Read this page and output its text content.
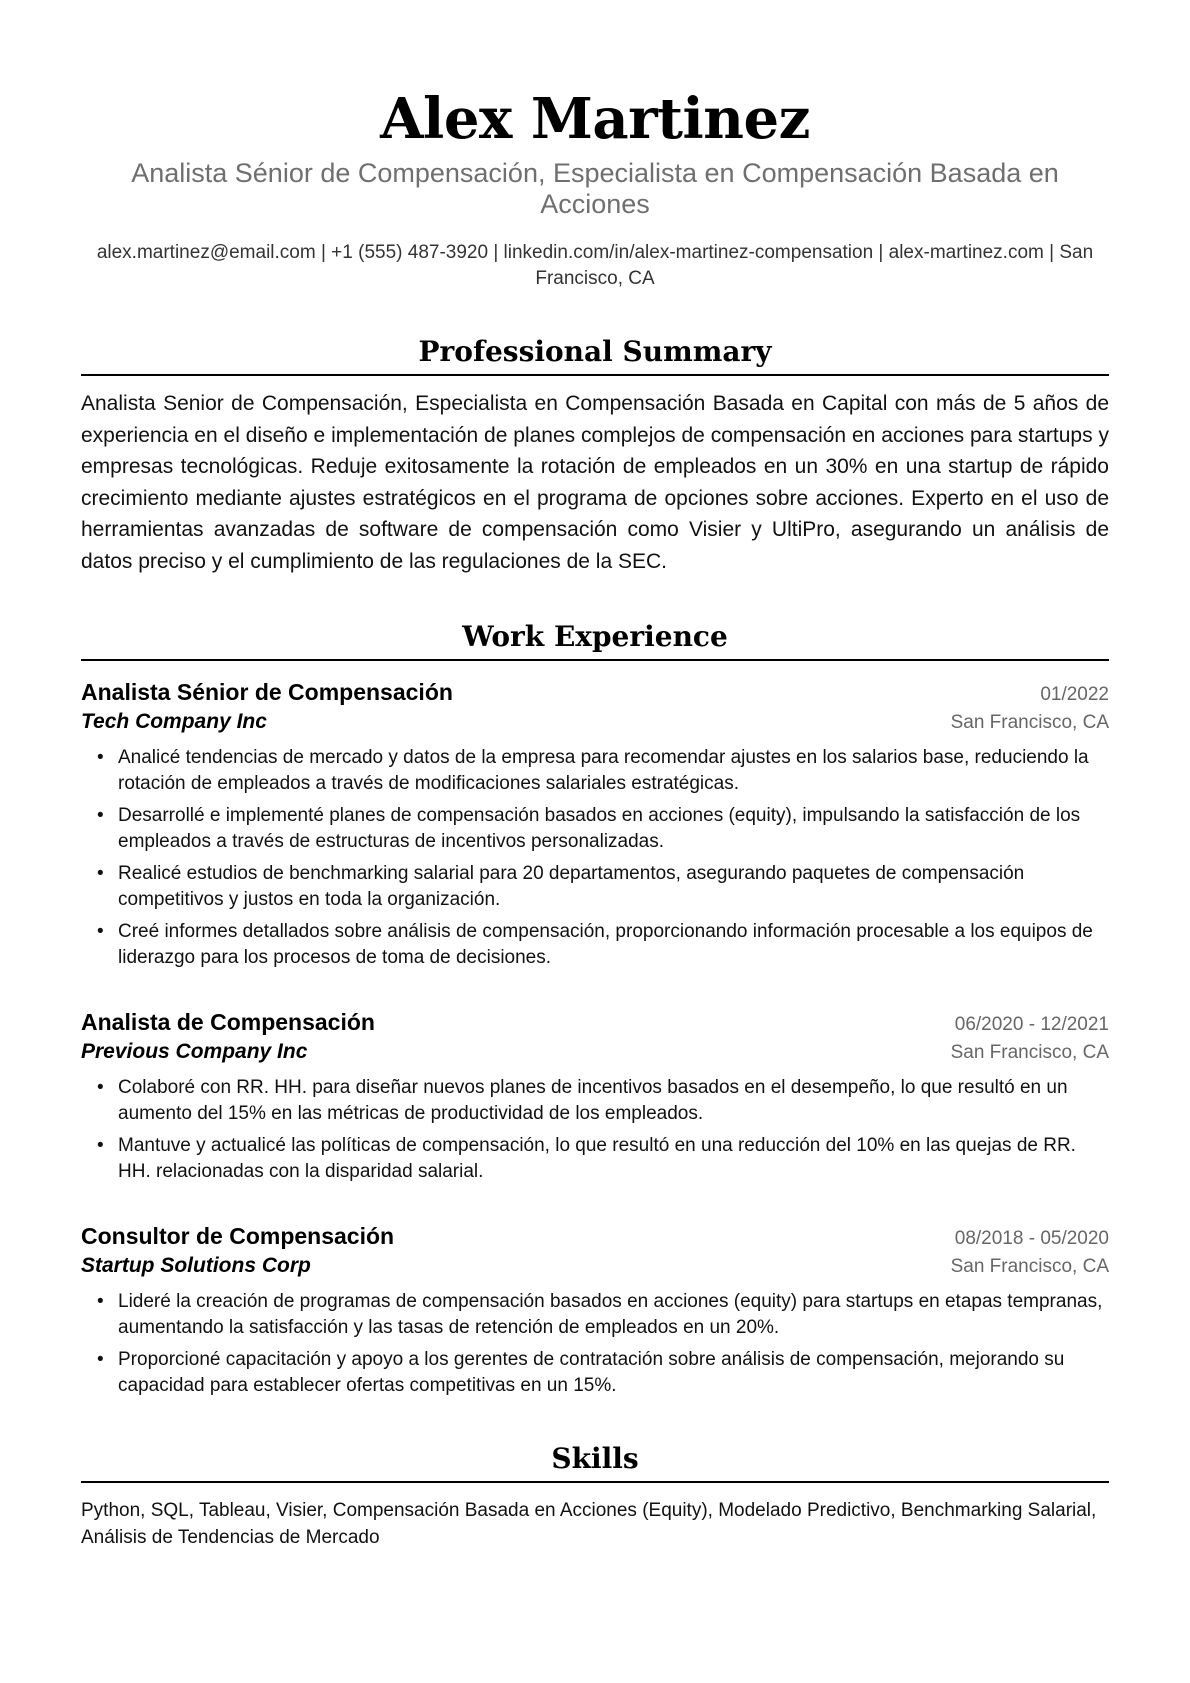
Alex Martinez
Analista Sénior de Compensación, Especialista en Compensación Basada en Acciones
alex.martinez@email.com | +1 (555) 487-3920 | linkedin.com/in/alex-martinez-compensation | alex-martinez.com | San Francisco, CA
Professional Summary

Analista Senior de Compensación, Especialista en Compensación Basada en Capital con más de 5 años de experiencia en el diseño e implementación de planes complejos de compensación en acciones para startups y empresas tecnológicas. Reduje exitosamente la rotación de empleados en un 30% en una startup de rápido crecimiento mediante ajustes estratégicos en el programa de opciones sobre acciones. Experto en el uso de herramientas avanzadas de software de compensación como Visier y UltiPro, asegurando un análisis de datos preciso y el cumplimiento de las regulaciones de la SEC.

Work Experience
Analista Sénior de Compensación	01/2022
Tech Company Inc	San Francisco, CA
• Analicé tendencias de mercado y datos de la empresa para recomendar ajustes en los salarios base, reduciendo la rotación de empleados a través de modificaciones salariales estratégicas.
• Desarrollé e implementé planes de compensación basados en acciones (equity), impulsando la satisfacción de los empleados a través de estructuras de incentivos personalizadas.
• Realicé estudios de benchmarking salarial para 20 departamentos, asegurando paquetes de compensación competitivos y justos en toda la organización.
• Creé informes detallados sobre análisis de compensación, proporcionando información procesable a los equipos de liderazgo para los procesos de toma de decisiones.
Analista de Compensación	06/2020 - 12/2021
Previous Company Inc	San Francisco, CA
• Colaboré con RR. HH. para diseñar nuevos planes de incentivos basados en el desempeño, lo que resultó en un aumento del 15% en las métricas de productividad de los empleados.
• Mantuve y actualicé las políticas de compensación, lo que resultó en una reducción del 10% en las quejas de RR. HH. relacionadas con la disparidad salarial.
Consultor de Compensación	08/2018 - 05/2020
Startup Solutions Corp	San Francisco, CA
• Lideré la creación de programas de compensación basados en acciones (equity) para startups en etapas tempranas, aumentando la satisfacción y las tasas de retención de empleados en un 20%.
• Proporcioné capacitación y apoyo a los gerentes de contratación sobre análisis de compensación, mejorando su capacidad para establecer ofertas competitivas en un 15%.
Skills

Python, SQL, Tableau, Visier, Compensación Basada en Acciones (Equity), Modelado Predictivo, Benchmarking Salarial, Análisis de Tendencias de Mercado
